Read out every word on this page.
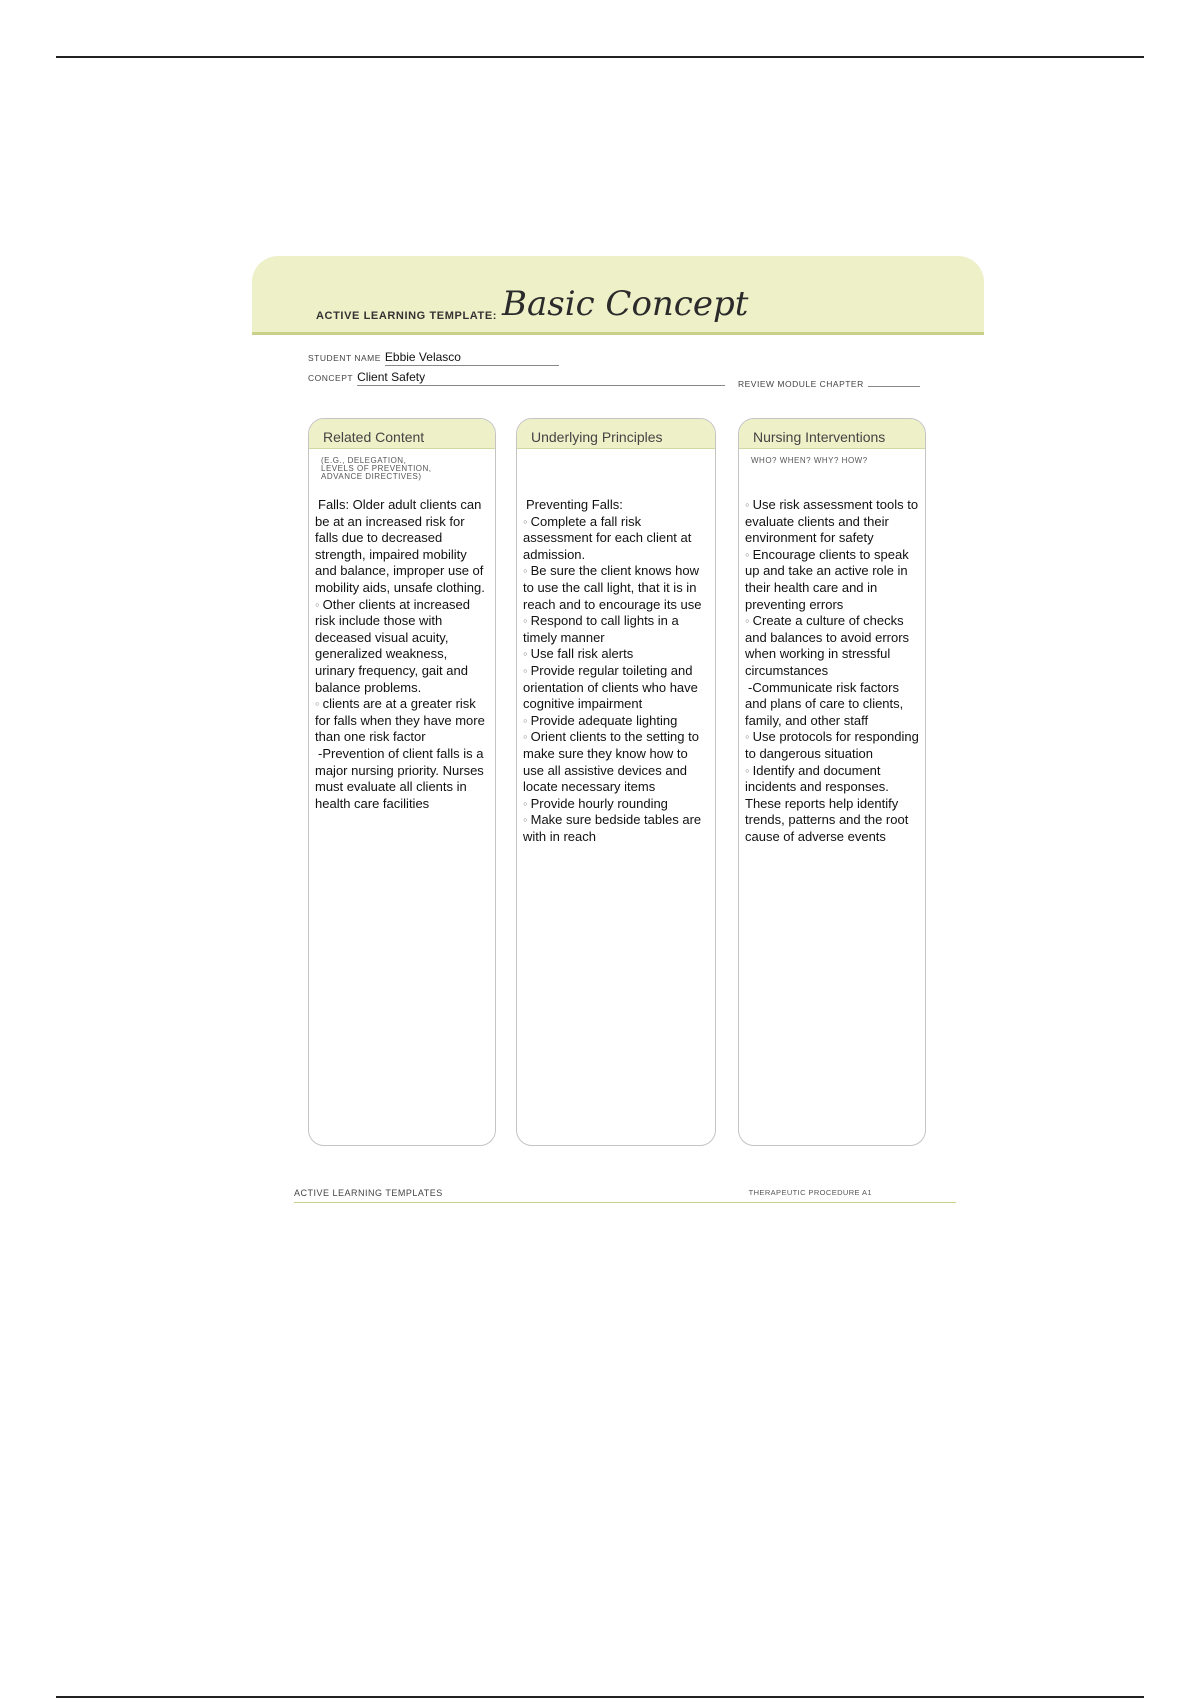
ACTIVE LEARNING TEMPLATE: Basic Concept
STUDENT NAME Ebbie Velasco
CONCEPT Client Safety	REVIEW MODULE CHAPTER
Related Content
(E.G., DELEGATION,
LEVELS OF PREVENTION,
ADVANCE DIRECTIVES)

Falls: Older adult clients can be at an increased risk for falls due to decreased strength, impaired mobility and balance, improper use of mobility aids, unsafe clothing.

◦ Other clients at increased risk include those with deceased visual acuity, generalized weakness, urinary frequency, gait and balance problems.

◦ clients are at a greater risk for falls when they have more than one risk factor

-Prevention of client falls is a major nursing priority. Nurses must evaluate all clients in health care facilities

Underlying Principles

Preventing Falls:

◦ Complete a fall risk assessment for each client at admission.

◦ Be sure the client knows how to use the call light, that it is in reach and to encourage its use

◦ Respond to call lights in a timely manner

◦ Use fall risk alerts

◦ Provide regular toileting and orientation of clients who have cognitive impairment

◦ Provide adequate lighting

◦ Orient clients to the setting to make sure they know how to use all assistive devices and locate necessary items

◦ Provide hourly rounding

◦ Make sure bedside tables are with in reach

Nursing Interventions
WHO? WHEN? WHY? HOW?

◦ Use risk assessment tools to evaluate clients and their environment for safety

◦ Encourage clients to speak up and take an active role in their health care and in preventing errors

◦ Create a culture of checks and balances to avoid errors when working in stressful circumstances

-Communicate risk factors and plans of care to clients, family, and other staff

◦ Use protocols for responding to dangerous situation

◦ Identify and document incidents and responses. These reports help identify trends, patterns and the root cause of adverse events

ACTIVE LEARNING TEMPLATES	THERAPEUTIC PROCEDURE A1
